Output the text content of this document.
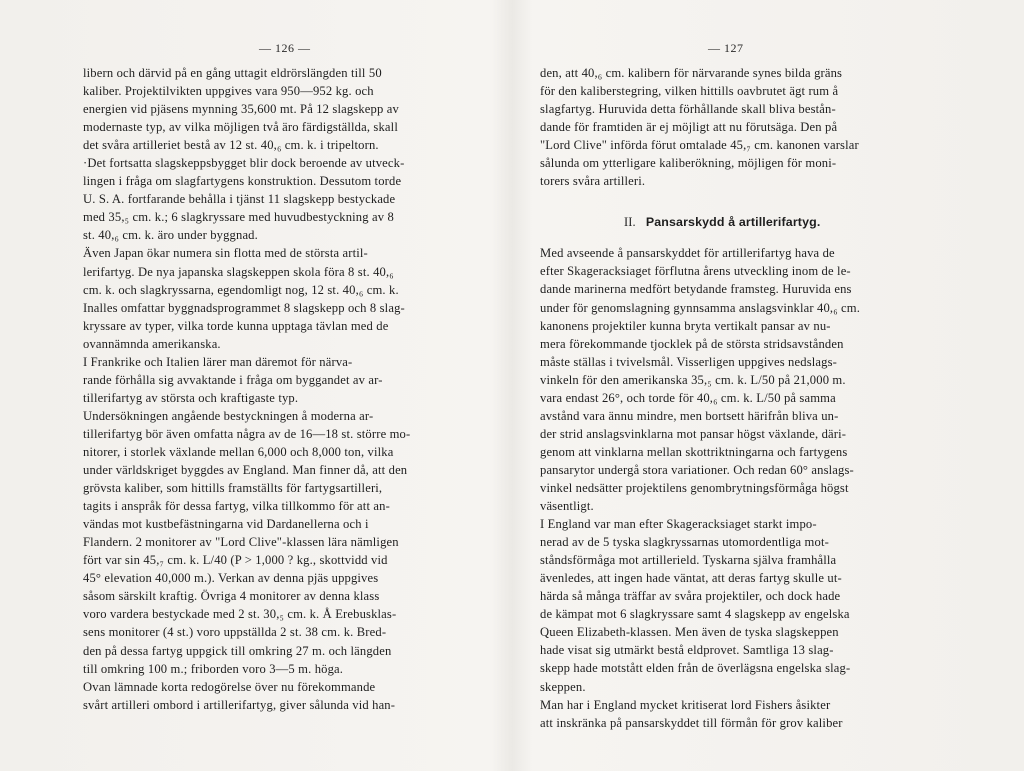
— 126 —
libern och därvid på en gång uttagit eldrörslängden till 50
kaliber. Projektilvikten uppgives vara 950—952 kg. och
energien vid pjäsens mynning 35,600 mt. På 12 slagskepp av
modernaste typ, av vilka möjligen två äro färdigställda, skall
det svåra artilleriet bestå av 12 st. 40,₆ cm. k. i tripeltorn.
·Det fortsatta slagskeppsbygget blir dock beroende av utveck-
lingen i fråga om slagfartygens konstruktion. Dessutom torde
U. S. A. fortfarande behålla i tjänst 11 slagskepp bestyckade
med 35,₅ cm. k.; 6 slagkryssare med huvudbestyckning av 8
st. 40,₆ cm. k. äro under byggnad.
Även Japan ökar numera sin flotta med de största artil-
lerifartyg. De nya japanska slagskeppen skola föra 8 st. 40,₆
cm. k. och slagkryssarna, egendomligt nog, 12 st. 40,₆ cm. k.
Inalles omfattar byggnadsprogrammet 8 slagskepp och 8 slag-
kryssare av typer, vilka torde kunna upptaga tävlan med de
ovannämnda amerikanska.
I Frankrike och Italien lärer man däremot för närva-
rande förhålla sig avvaktande i fråga om byggandet av ar-
tillerifartyg av största och kraftigaste typ.
Undersökningen angående bestyckningen å moderna ar-
tillerifartyg bör även omfatta några av de 16—18 st. större mo-
nitorer, i storlek växlande mellan 6,000 och 8,000 ton, vilka
under världskriget byggdes av England. Man finner då, att den
grövsta kaliber, som hittills framställts för fartygsartilleri,
tagits i anspråk för dessa fartyg, vilka tillkommo för att an-
vändas mot kustbefästningarna vid Dardanellerna och i
Flandern. 2 monitorer av "Lord Clive"-klassen lära nämligen
fört var sin 45,₇ cm. k. L/40 (P > 1,000 ? kg., skottvidd vid
45° elevation 40,000 m.). Verkan av denna pjäs uppgives
såsom särskilt kraftig. Övriga 4 monitorer av denna klass
voro vardera bestyckade med 2 st. 30,₅ cm. k. Å Erebusklas-
sens monitorer (4 st.) voro uppställda 2 st. 38 cm. k. Bred-
den på dessa fartyg uppgick till omkring 27 m. och längden
till omkring 100 m.; friborden voro 3—5 m. höga.
Ovan lämnade korta redogörelse över nu förekommande
svårt artilleri ombord i artillerifartyg, giver sålunda vid han-
— 127
den, att 40,₆ cm. kalibern för närvarande synes bilda gräns
för den kaliberstegring, vilken hittills oavbrutet ägt rum å
slagfartyg. Huruvida detta förhållande skall bliva bestån-
dande för framtiden är ej möjligt att nu förutsäga. Den på
"Lord Clive" införda förut omtalade 45,₇ cm. kanonen varslar
sålunda om ytterligare kaliberökning, möjligen för moni-
torers svåra artilleri.
II. Pansarskydd å artillerifartyg.
Med avseende å pansarskyddet för artillerifartyg hava de
efter Skageracksiaget förflutna årens utveckling inom de le-
dande marinerna medfört betydande framsteg. Huruvida ens
under för genomslagning gynnsamma anslagsvinklar 40,₆ cm.
kanonens projektiler kunna bryta vertikalt pansar av nu-
mera förekommande tjocklek på de största stridsavstånden
måste ställas i tvivelsmål. Visserligen uppgives nedslags-
vinkeln för den amerikanska 35,₅ cm. k. L/50 på 21,000 m.
vara endast 26°, och torde för 40,₆ cm. k. L/50 på samma
avstånd vara ännu mindre, men bortsett härifrån bliva un-
der strid anslagsvinklarna mot pansar högst växlande, däri-
genom att vinklarna mellan skottriktningarna och fartygens
pansarytor undergå stora variationer. Och redan 60° anslags-
vinkel nedsätter projektilens genombrytningsförmåga högst
väsentligt.
I England var man efter Skageracksiaget starkt impo-
nerad av de 5 tyska slagkryssarnas utomordentliga mot-
ståndsförmåga mot artillerield. Tyskarna själva framhålla
ävenledes, att ingen hade väntat, att deras fartyg skulle ut-
härda så många träffar av svåra projektiler, och dock hade
de kämpat mot 6 slagkryssare samt 4 slagskepp av engelska
Queen Elizabeth-klassen. Men även de tyska slagskeppen
hade visat sig utmärkt bestå eldprovet. Samtliga 13 slag-
skepp hade motstått elden från de överlägsna engelska slag-
skeppen.
Man har i England mycket kritiserat lord Fishers åsikter
att inskränka på pansarskyddet till förmån för grov kaliber
